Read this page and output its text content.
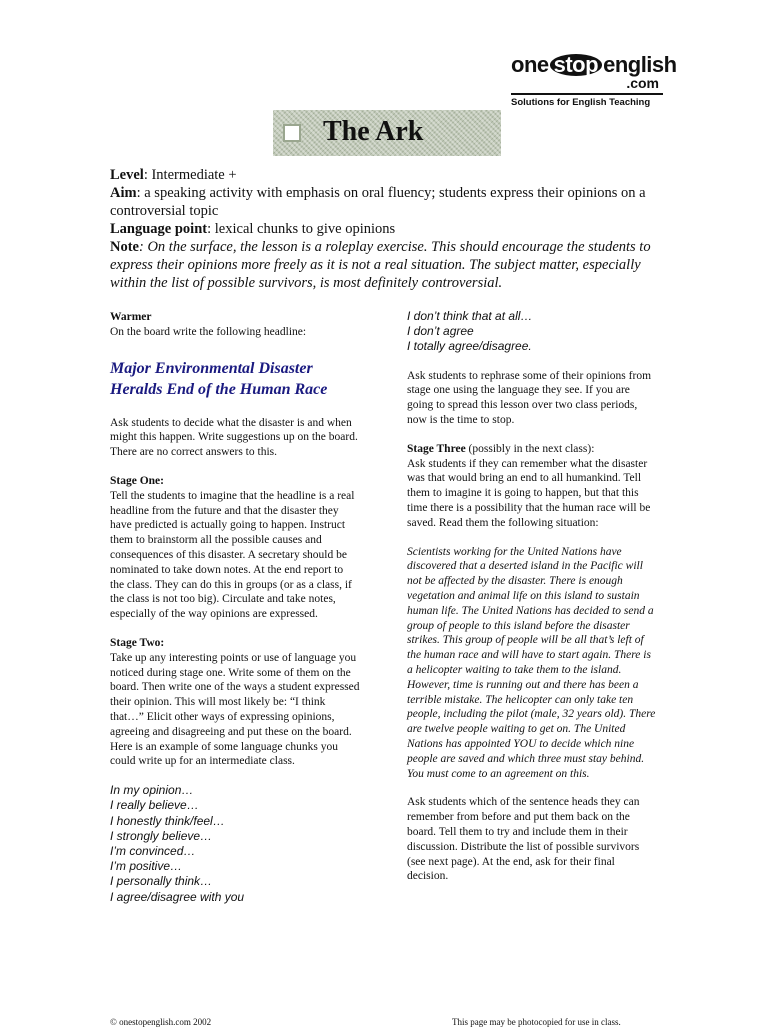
one stop english
.com
Solutions for English Teaching
The Ark

Level: Intermediate +

Aim: a speaking activity with emphasis on oral fluency; students express their opinions on a controversial topic

Language point: lexical chunks to give opinions

Note: On the surface, the lesson is a roleplay exercise. This should encourage the students to express their opinions more freely as it is not a real situation. The subject matter, especially within the list of possible survivors, is most definitely controversial.

Warmer
On the board write the following headline:
Major Environmental Disaster Heralds End of the Human Race

Ask students to decide what the disaster is and when might this happen. Write suggestions up on the board. There are no correct answers to this.

Stage One:

Tell the students to imagine that the headline is a real headline from the future and that the disaster they have predicted is actually going to happen. Instruct them to brainstorm all the possible causes and consequences of this disaster. A secretary should be nominated to take down notes. At the end report to the class. They can do this in groups (or as a class, if the class is not too big). Circulate and take notes, especially of the way opinions are expressed.

Stage Two:

Take up any interesting points or use of language you noticed during stage one. Write some of them on the board. Then write one of the ways a student expressed their opinion. This will most likely be: “I think that…” Elicit other ways of expressing opinions, agreeing and disagreeing and put these on the board. Here is an example of some language chunks you could write up for an intermediate class.

In my opinion…
I really believe…
I honestly think/feel…
I strongly believe…
I’m convinced…
I’m positive…
I personally think…
I agree/disagree with you
I don’t think that at all…
I don’t agree
I totally agree/disagree.

Ask students to rephrase some of their opinions from stage one using the language they see. If you are going to spread this lesson over two class periods, now is the time to stop.

Stage Three (possibly in the next class):

Ask students if they can remember what the disaster was that would bring an end to all humankind. Tell them to imagine it is going to happen, but that this time there is a possibility that the human race will be saved. Read them the following situation:

Scientists working for the United Nations have discovered that a deserted island in the Pacific will not be affected by the disaster. There is enough vegetation and animal life on this island to sustain human life. The United Nations has decided to send a group of people to this island before the disaster strikes. This group of people will be all that’s left of the human race and will have to start again. There is a helicopter waiting to take them to the island. However, time is running out and there has been a terrible mistake. The helicopter can only take ten people, including the pilot (male, 32 years old). There are twelve people waiting to get on. The United Nations has appointed YOU to decide which nine people are saved and which three must stay behind. You must come to an agreement on this.

Ask students which of the sentence heads they can remember from before and put them back on the board. Tell them to try and include them in their discussion. Distribute the list of possible survivors (see next page). At the end, ask for their final decision.

© onestopenglish.com 2002	This page may be photocopied for use in class.
